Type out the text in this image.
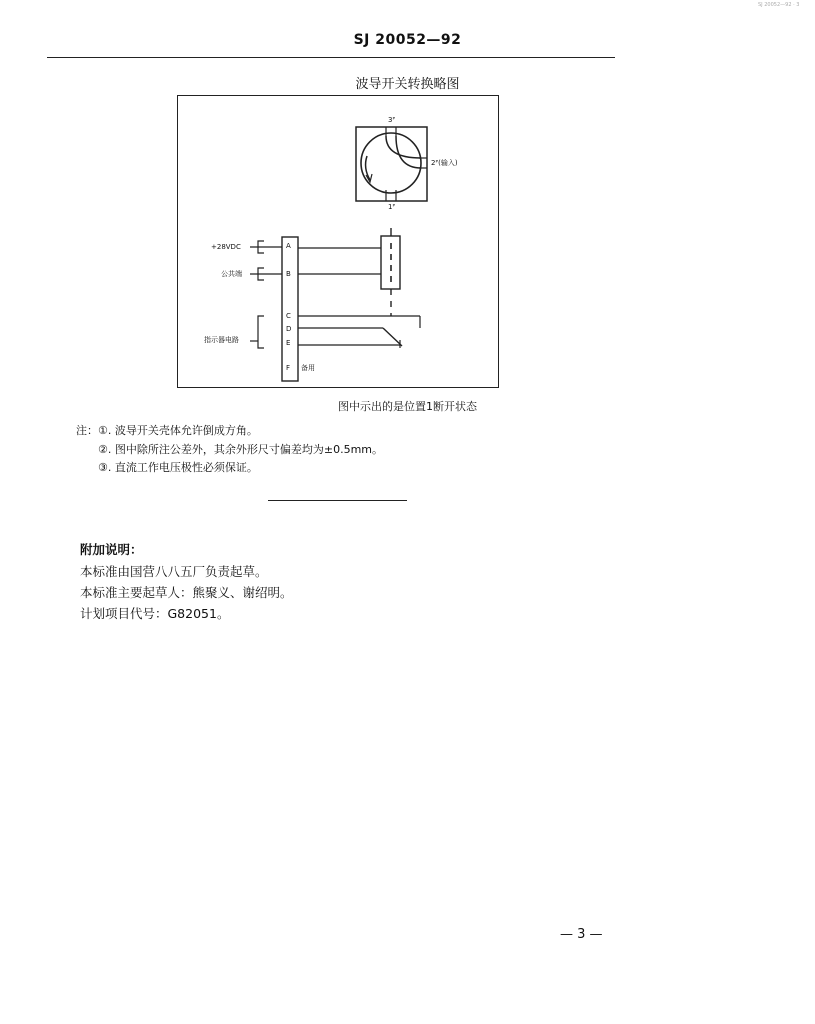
SJ 20052—92 · 3
SJ 20052—92
波导开关转换略图
3ᴾ
2ᴾ(输入)
1ᴾ
+28VDC
公共端
指示器电路
A
B
C
D
E
F 备用
图中示出的是位置1断开状态
注： ①. 波导开关壳体允许倒成方角。
②. 图中除所注公差外，其余外形尺寸偏差均为±0.5mm。
③. 直流工作电压极性必须保证。
附加说明：
本标准由国营八八五厂负责起草。
本标准主要起草人：熊聚义、谢绍明。
计划项目代号：G82051。
— 3 —
